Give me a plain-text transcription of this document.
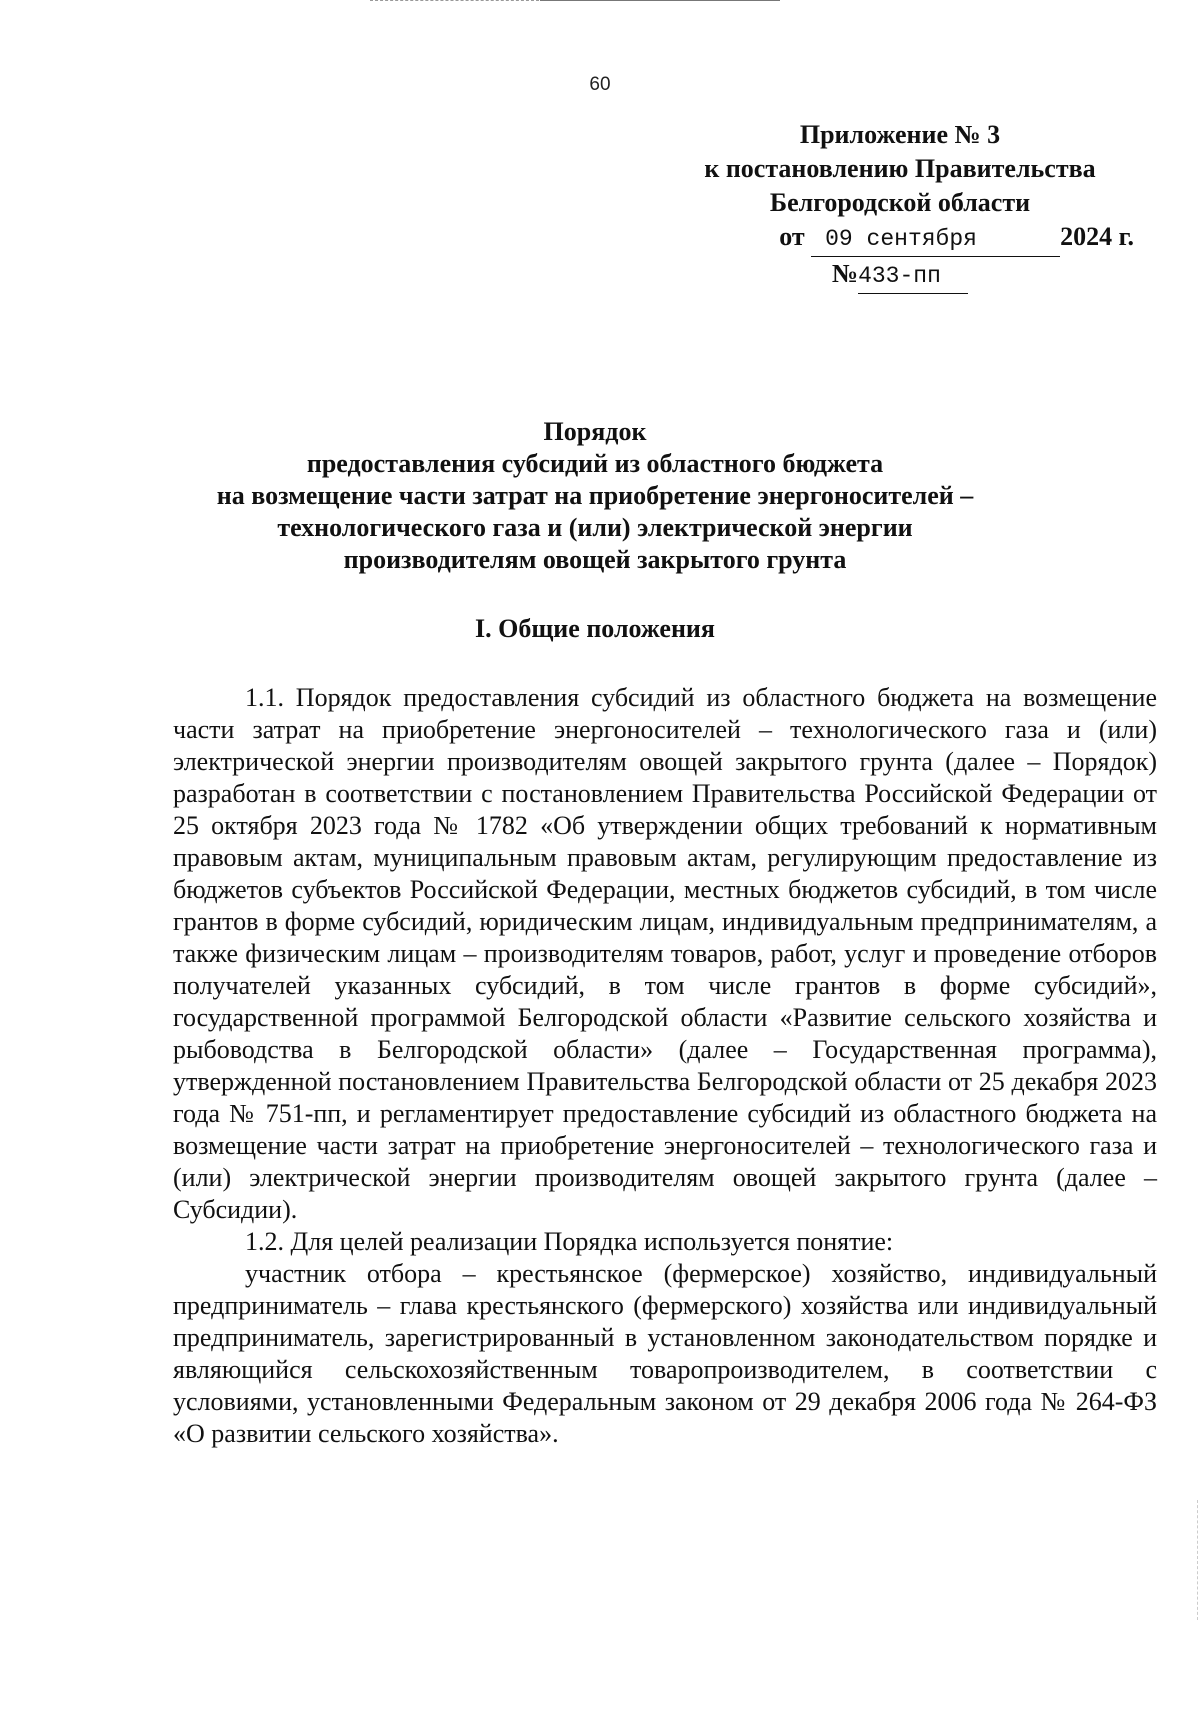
60
Приложение № 3
к постановлению Правительства
Белгородской области
от 09 сентября	2024 г.
№433-пп
Порядок
предоставления субсидий из областного бюджета
на возмещение части затрат на приобретение энергоносителей –
технологического газа и (или) электрической энергии
производителям овощей закрытого грунта
I. Общие положения

1.1. Порядок предоставления субсидий из областного бюджета на возмещение части затрат на приобретение энергоносителей – технологического газа и (или) электрической энергии производителям овощей закрытого грунта (далее – Порядок) разработан в соответствии с постановлением Правительства Российской Федерации от 25 октября 2023 года № 1782 «Об утверждении общих требований к нормативным правовым актам, муниципальным правовым актам, регулирующим предоставление из бюджетов субъектов Российской Федерации, местных бюджетов субсидий, в том числе грантов в форме субсидий, юридическим лицам, индивидуальным предпринимателям, а также физическим лицам – производителям товаров, работ, услуг и проведение отборов получателей указанных субсидий, в том числе грантов в форме субсидий», государственной программой Белгородской области «Развитие сельского хозяйства и рыбоводства в Белгородской области» (далее – Государственная программа), утвержденной постановлением Правительства Белгородской области от 25 декабря 2023 года № 751-пп, и регламентирует предоставление субсидий из областного бюджета на возмещение части затрат на приобретение энергоносителей – технологического газа и (или) электрической энергии производителям овощей закрытого грунта (далее – Субсидии).

1.2. Для целей реализации Порядка используется понятие:

участник отбора – крестьянское (фермерское) хозяйство, индивидуальный предприниматель – глава крестьянского (фермерского) хозяйства или индивидуальный предприниматель, зарегистрированный в установленном законодательством порядке и являющийся сельскохозяйственным товаропроизводителем, в соответствии с условиями, установленными Федеральным законом от 29 декабря 2006 года № 264-ФЗ «О развитии сельского хозяйства».
